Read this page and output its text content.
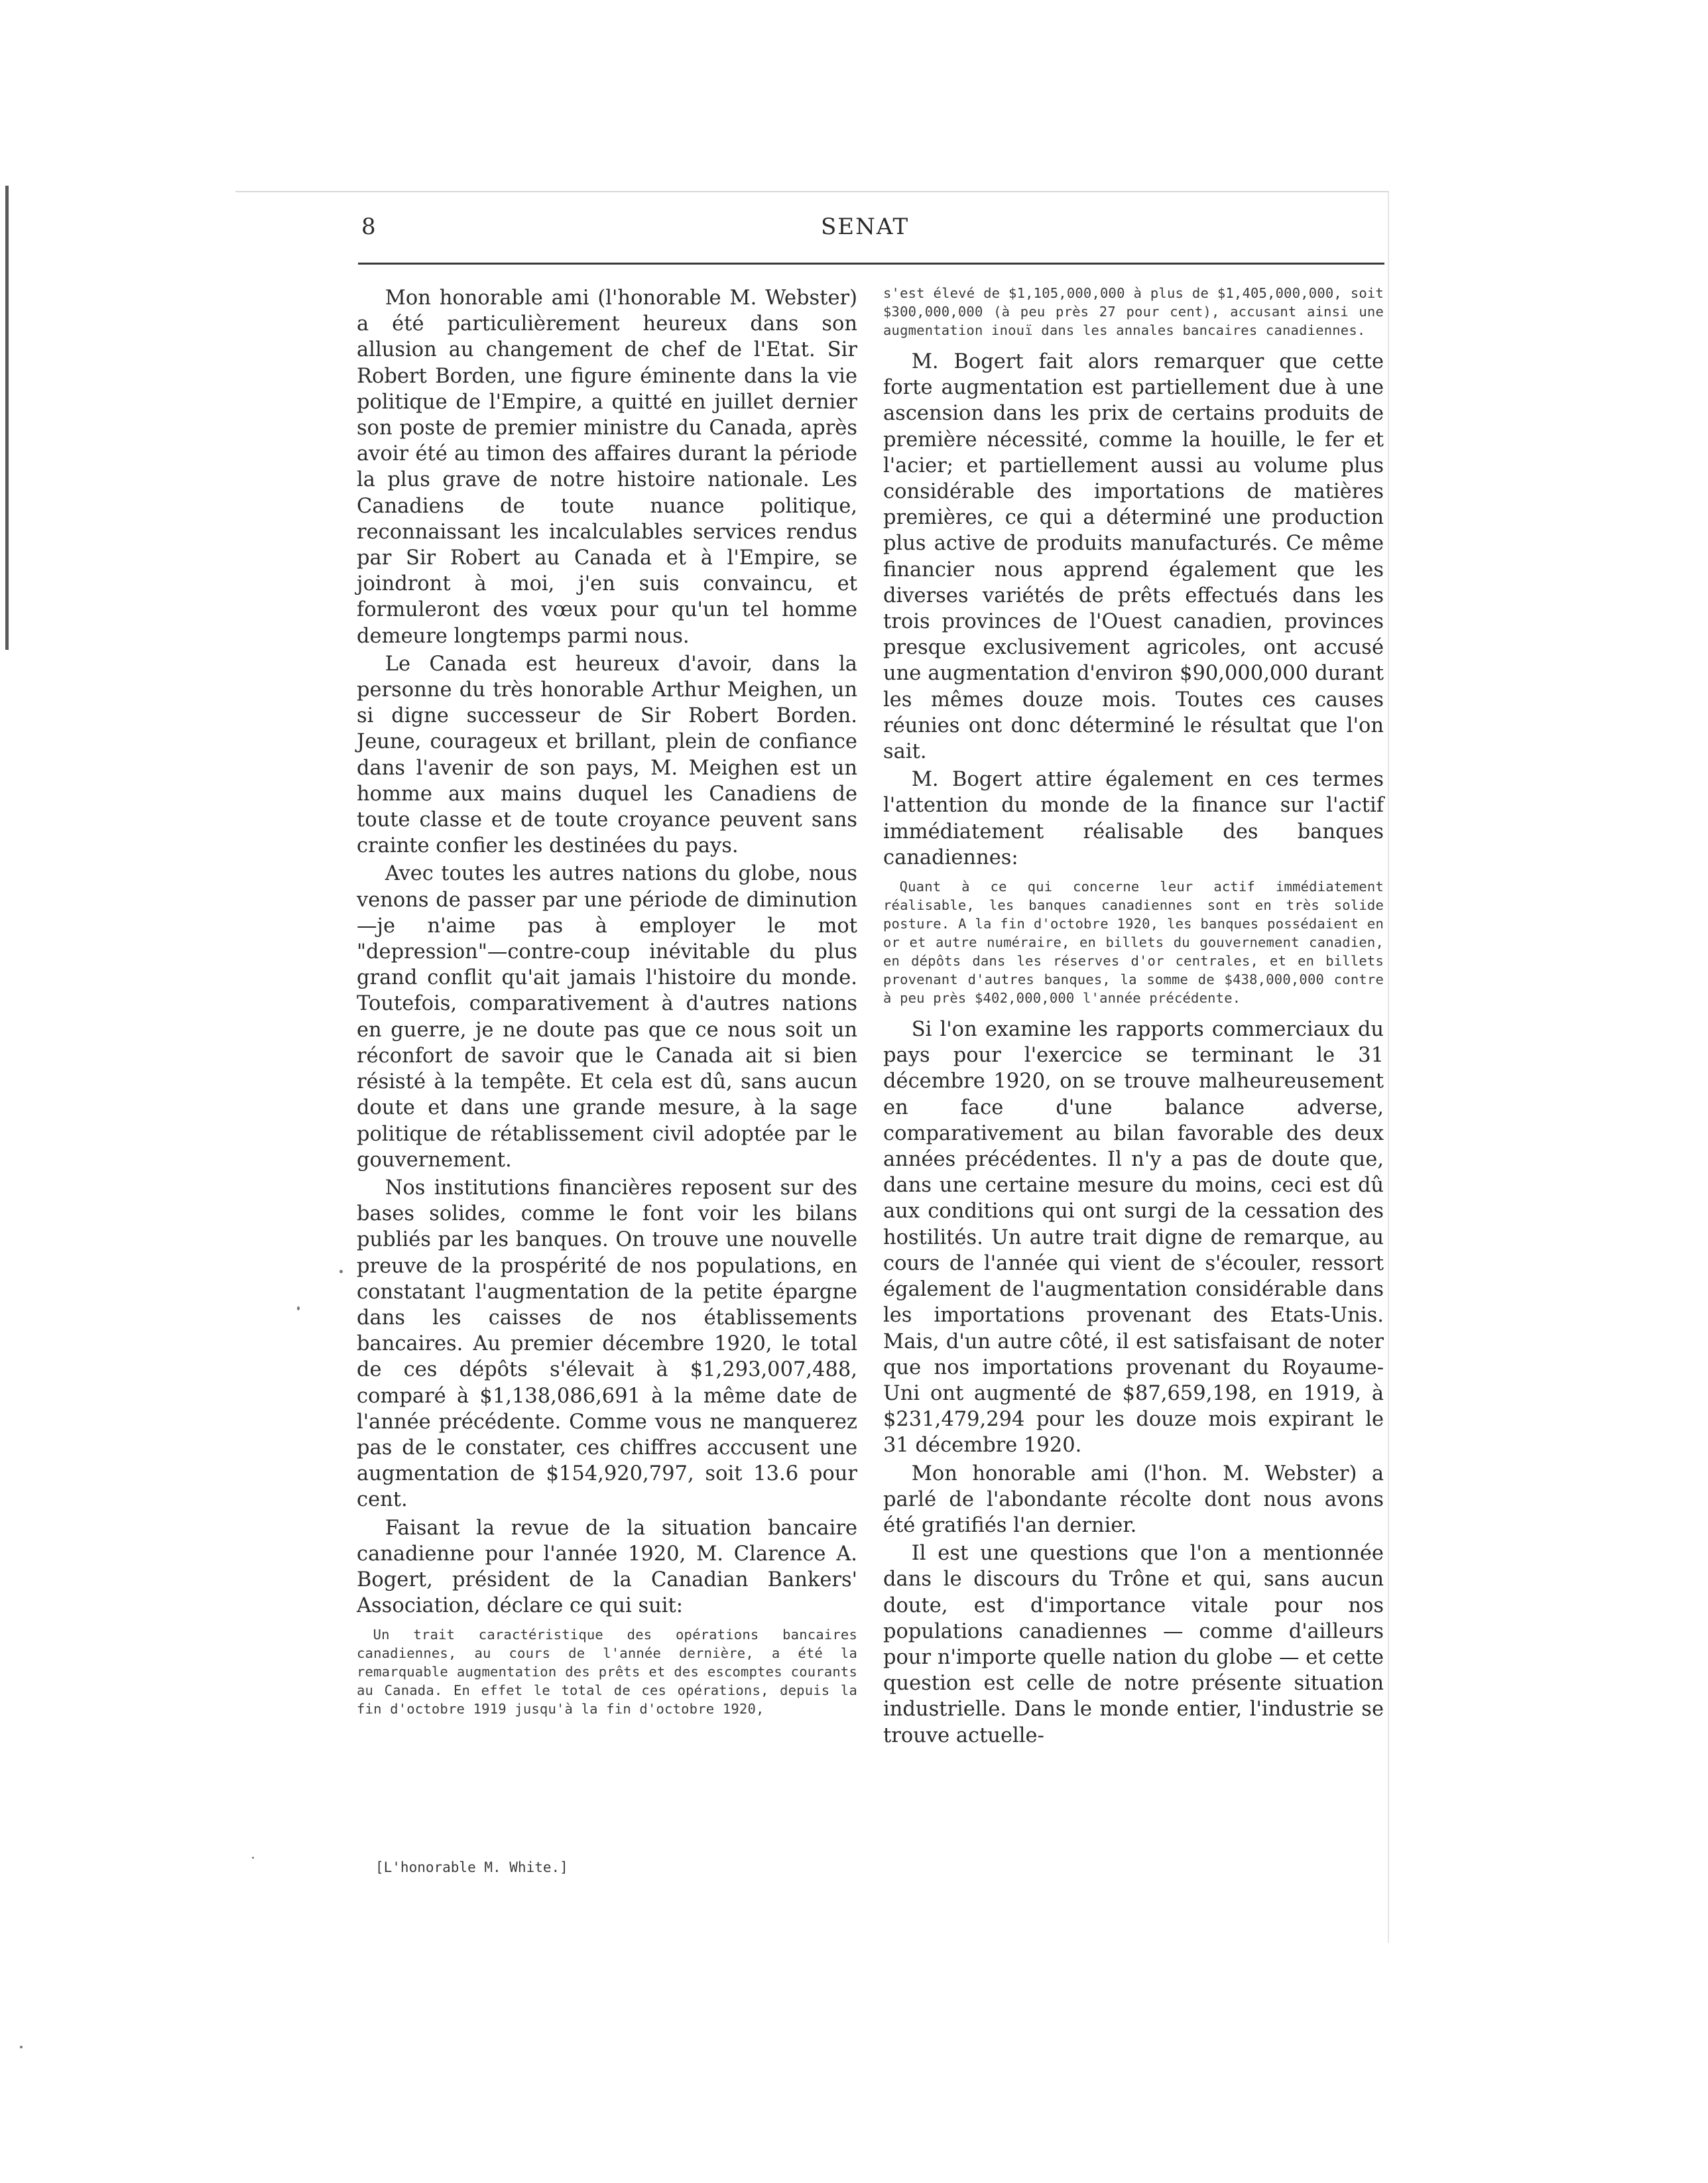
8	SENAT

Mon honorable ami (l'honorable M. Webster) a été particulièrement heureux dans son allusion au changement de chef de l'Etat. Sir Robert Borden, une figure éminente dans la vie politique de l'Empire, a quitté en juillet dernier son poste de premier ministre du Canada, après avoir été au timon des affaires durant la période la plus grave de notre histoire nationale. Les Canadiens de toute nuance politique, reconnaissant les incalculables services rendus par Sir Robert au Canada et à l'Empire, se joindront à moi, j'en suis convaincu, et formuleront des vœux pour qu'un tel homme demeure longtemps parmi nous.

Le Canada est heureux d'avoir, dans la personne du très honorable Arthur Meighen, un si digne successeur de Sir Robert Borden. Jeune, courageux et brillant, plein de confiance dans l'avenir de son pays, M. Meighen est un homme aux mains duquel les Canadiens de toute classe et de toute croyance peuvent sans crainte confier les destinées du pays.

Avec toutes les autres nations du globe, nous venons de passer par une période de diminution—je n'aime pas à employer le mot "depression"—contre-coup inévitable du plus grand conflit qu'ait jamais l'histoire du monde. Toutefois, comparativement à d'autres nations en guerre, je ne doute pas que ce nous soit un réconfort de savoir que le Canada ait si bien résisté à la tempête. Et cela est dû, sans aucun doute et dans une grande mesure, à la sage politique de rétablissement civil adoptée par le gouvernement.

Nos institutions financières reposent sur des bases solides, comme le font voir les bilans publiés par les banques. On trouve une nouvelle preuve de la prospérité de nos populations, en constatant l'augmentation de la petite épargne dans les caisses de nos établissements bancaires. Au premier décembre 1920, le total de ces dépôts s'élevait à $1,293,007,488, comparé à $1,138,086,691 à la même date de l'année précédente. Comme vous ne manquerez pas de le constater, ces chiffres acccusent une augmentation de $154,920,797, soit 13.6 pour cent.

Faisant la revue de la situation bancaire canadienne pour l'année 1920, M. Clarence A. Bogert, président de la Canadian Bankers' Association, déclare ce qui suit:

Un trait caractéristique des opérations bancaires canadiennes, au cours de l'année dernière, a été la remarquable augmentation des prêts et des escomptes courants au Canada. En effet le total de ces opérations, depuis la fin d'octobre 1919 jusqu'à la fin d'octobre 1920,

[L'honorable M. White.]

s'est élevé de $1,105,000,000 à plus de $1,405,000,000, soit $300,000,000 (à peu près 27 pour cent), accusant ainsi une augmentation inouï dans les annales bancaires canadiennes.

M. Bogert fait alors remarquer que cette forte augmentation est partiellement due à une ascension dans les prix de certains produits de première nécessité, comme la houille, le fer et l'acier; et partiellement aussi au volume plus considérable des importations de matières premières, ce qui a déterminé une production plus active de produits manufacturés. Ce même financier nous apprend également que les diverses variétés de prêts effectués dans les trois provinces de l'Ouest canadien, provinces presque exclusivement agricoles, ont accusé une augmentation d'environ $90,000,000 durant les mêmes douze mois. Toutes ces causes réunies ont donc déterminé le résultat que l'on sait.

M. Bogert attire également en ces termes l'attention du monde de la finance sur l'actif immédiatement réalisable des banques canadiennes:

Quant à ce qui concerne leur actif immédiatement réalisable, les banques canadiennes sont en très solide posture. A la fin d'octobre 1920, les banques possédaient en or et autre numéraire, en billets du gouvernement canadien, en dépôts dans les réserves d'or centrales, et en billets provenant d'autres banques, la somme de $438,000,000 contre à peu près $402,000,000 l'année précédente.

Si l'on examine les rapports commerciaux du pays pour l'exercice se terminant le 31 décembre 1920, on se trouve malheureusement en face d'une balance adverse, comparativement au bilan favorable des deux années précédentes. Il n'y a pas de doute que, dans une certaine mesure du moins, ceci est dû aux conditions qui ont surgi de la cessation des hostilités. Un autre trait digne de remarque, au cours de l'année qui vient de s'écouler, ressort également de l'augmentation considérable dans les importations provenant des Etats-Unis. Mais, d'un autre côté, il est satisfaisant de noter que nos importations provenant du Royaume-Uni ont augmenté de $87,659,198, en 1919, à $231,479,294 pour les douze mois expirant le 31 décembre 1920.

Mon honorable ami (l'hon. M. Webster) a parlé de l'abondante récolte dont nous avons été gratifiés l'an dernier.

Il est une questions que l'on a mentionnée dans le discours du Trône et qui, sans aucun doute, est d'importance vitale pour nos populations canadiennes — comme d'ailleurs pour n'importe quelle nation du globe — et cette question est celle de notre présente situation industrielle. Dans le monde entier, l'industrie se trouve actuelle-
